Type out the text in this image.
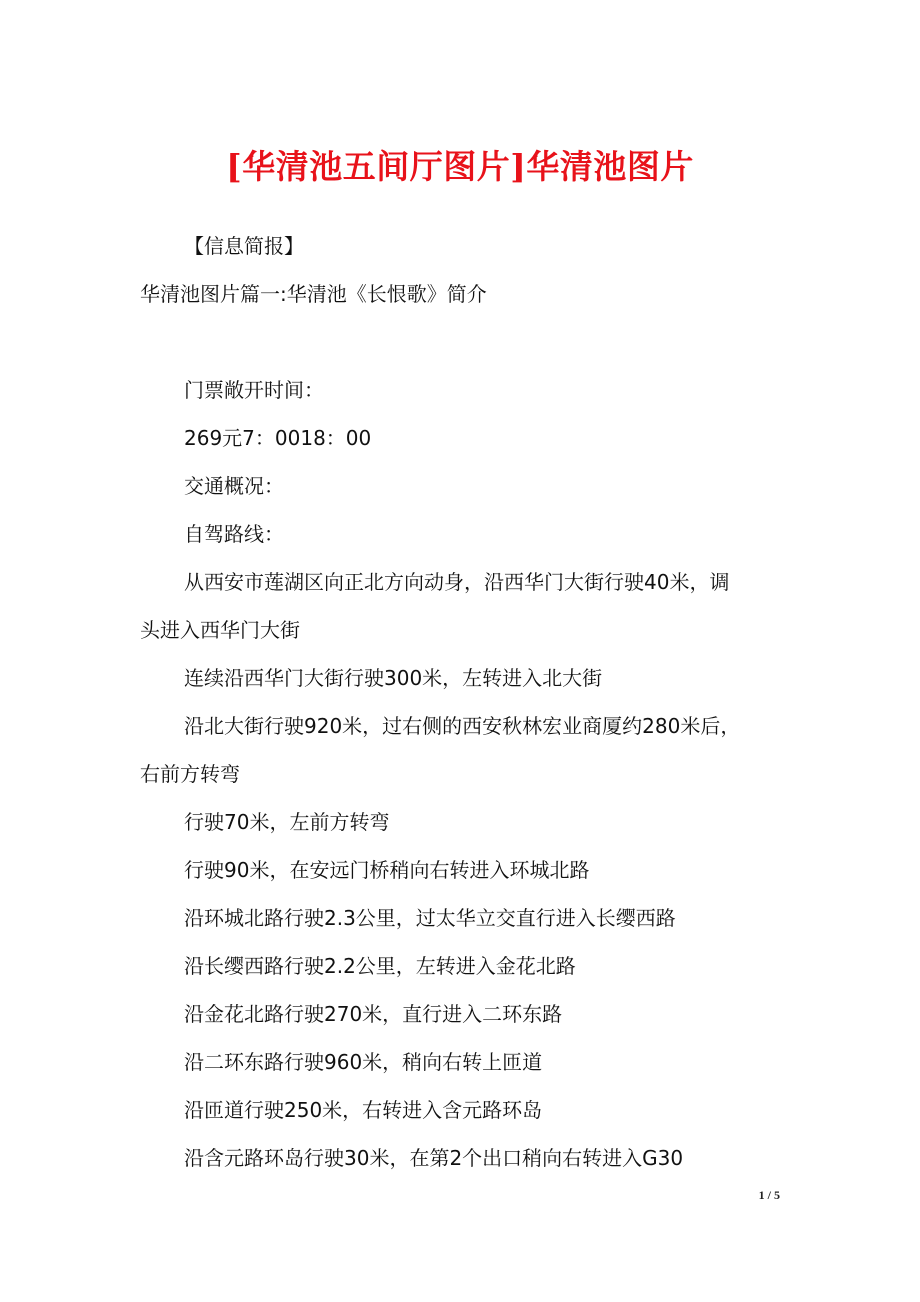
[华清池五间厅图片]华清池图片

【信息简报】

华清池图片篇一:华清池《长恨歌》简介

门票敞开时间：

269元7：0018：00

交通概况：

自驾路线：

从西安市莲湖区向正北方向动身，沿西华门大街行驶40米，调

头进入西华门大街

连续沿西华门大街行驶300米，左转进入北大街

沿北大街行驶920米，过右侧的西安秋林宏业商厦约280米后，

右前方转弯

行驶70米，左前方转弯

行驶90米，在安远门桥稍向右转进入环城北路

沿环城北路行驶2.3公里，过太华立交直行进入长缨西路

沿长缨西路行驶2.2公里，左转进入金花北路

沿金花北路行驶270米，直行进入二环东路

沿二环东路行驶960米，稍向右转上匝道

沿匝道行驶250米，右转进入含元路环岛

沿含元路环岛行驶30米，在第2个出口稍向右转进入G30

1 / 5
